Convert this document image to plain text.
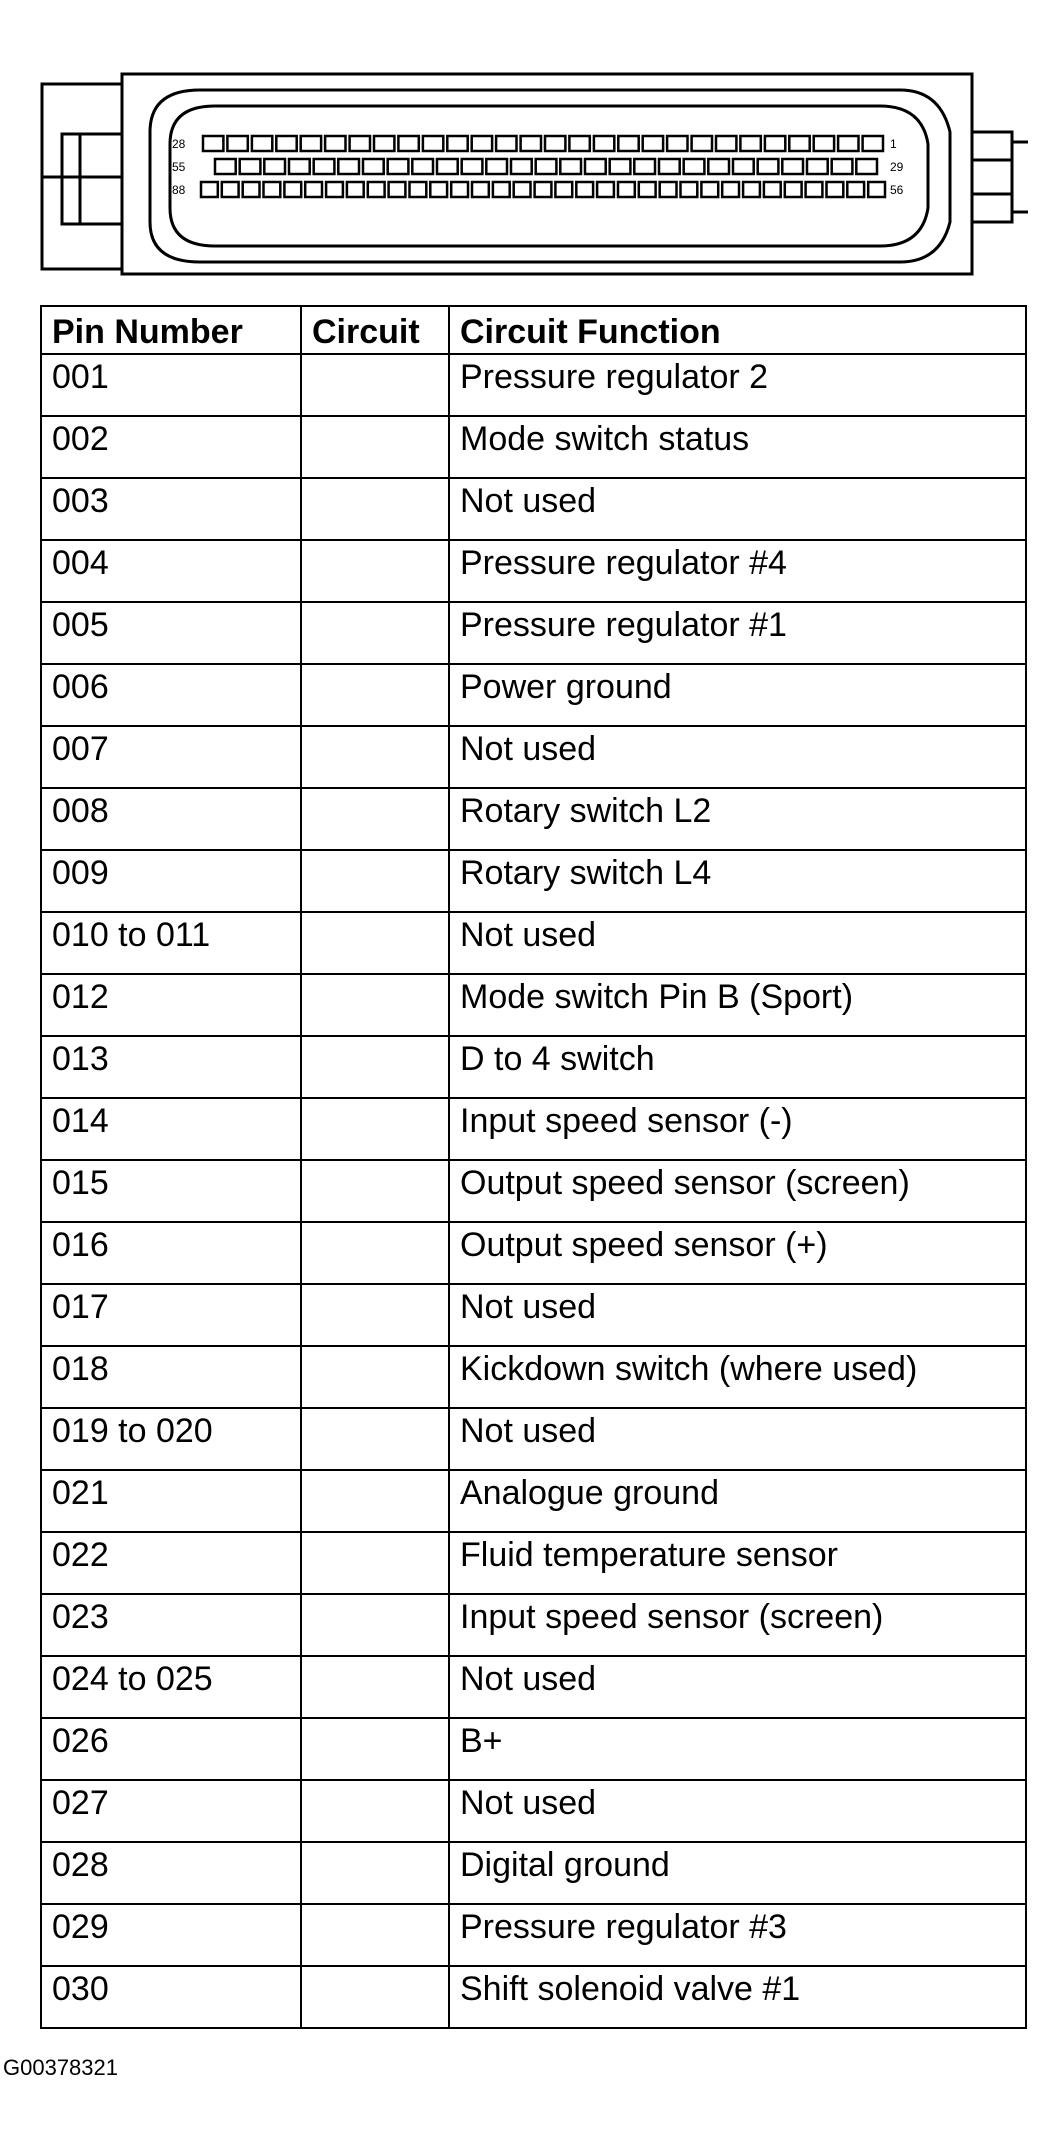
28
55
88
1
29
56
Pin Number	Circuit	Circuit Function
001		Pressure regulator 2
002		Mode switch status
003		Not used
004		Pressure regulator #4
005		Pressure regulator #1
006		Power ground
007		Not used
008		Rotary switch L2
009		Rotary switch L4
010 to 011		Not used
012		Mode switch Pin B (Sport)
013		D to 4 switch
014		Input speed sensor (-)
015		Output speed sensor (screen)
016		Output speed sensor (+)
017		Not used
018		Kickdown switch (where used)
019 to 020		Not used
021		Analogue ground
022		Fluid temperature sensor
023		Input speed sensor (screen)
024 to 025		Not used
026		B+
027		Not used
028		Digital ground
029		Pressure regulator #3
030		Shift solenoid valve #1
G00378321
